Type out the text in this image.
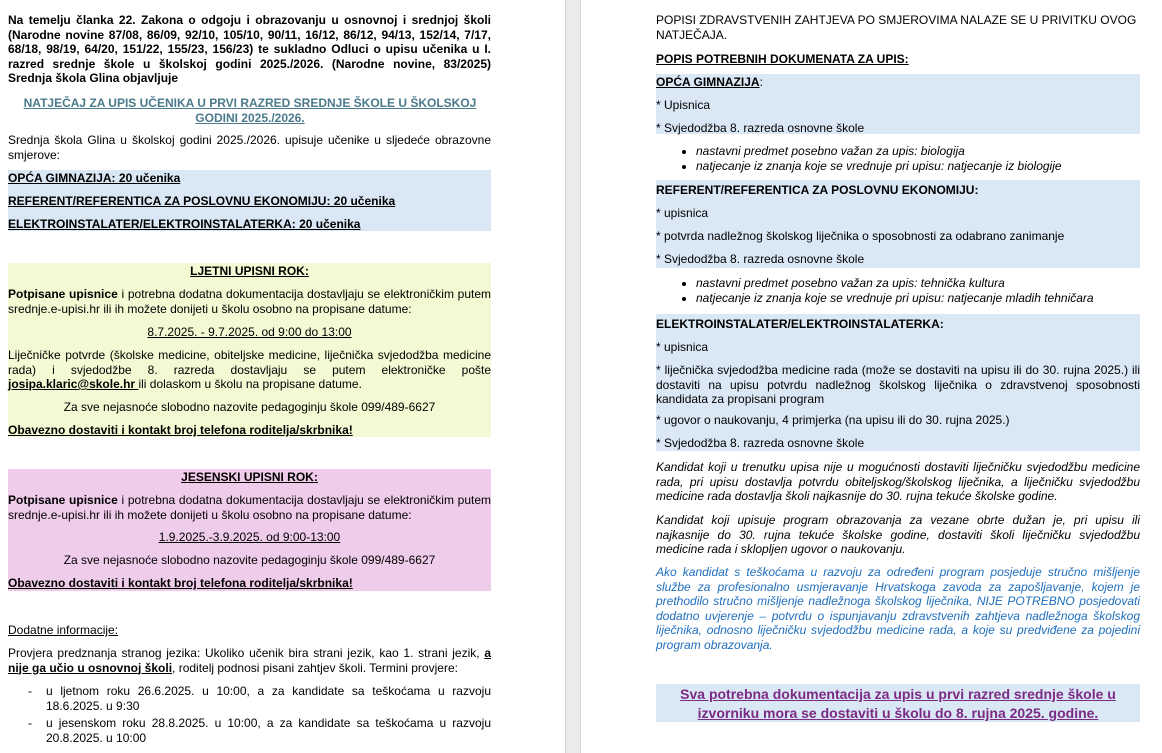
Na temelju članka 22. Zakona o odgoju i obrazovanju u osnovnoj i srednjoj školi (Narodne novine 87/08, 86/09, 92/10, 105/10, 90/11, 16/12, 86/12, 94/13, 152/14, 7/17, 68/18, 98/19, 64/20, 151/22, 155/23, 156/23) te sukladno Odluci o upisu učenika u I. razred srednjе škole u školskoj godini 2025./2026. (Narodne novine, 83/2025) Srednja škola Glina objavljuje

NATJEČAJ ZA UPIS UČENIKA U PRVI RAZRED SREDNJE ŠKOLE U ŠKOLSKOJ GODINI 2025./2026.

Srednja škola Glina u školskoj godini 2025./2026. upisuje učenike u sljedeće obrazovne smjerove:

OPĆA GIMNAZIJA: 20 učenika
REFERENT/REFERENTICA ZA POSLOVNU EKONOMIJU: 20 učenika
ELEKTROINSTALATER/ELEKTROINSTALATERKA: 20 učenika

LJETNI UPISNI ROK:

Potpisane upisnice i potrebna dodatna dokumentacija dostavljaju se elektroničkim putem srednje.e-upisi.hr ili ih možete donijeti u školu osobno na propisane datume:

8.7.2025. - 9.7.2025. od 9:00 do 13:00

Liječničke potvrde (školske medicine, obiteljske medicine, liječnička svjedodžba medicine rada) i svjedodžbe 8. razreda dostavljaju se putem elektroničke pošte josipa.klaric@skole.hr ili dolaskom u školu na propisane datume.

Za sve nejasnoće slobodno nazovite pedagoginju škole 099/489-6627

Obavezno dostaviti i kontakt broj telefona roditelja/skrbnika!

JESENSKI UPISNI ROK:

Potpisane upisnice i potrebna dodatna dokumentacija dostavljaju se elektroničkim putem srednje.e-upisi.hr ili ih možete donijeti u školu osobno na propisane datume:

1.9.2025.-3.9.2025. od 9:00-13:00

Za sve nejasnoće slobodno nazovite pedagoginju škole 099/489-6627

Obavezno dostaviti i kontakt broj telefona roditelja/skrbnika!

Dodatne informacije:

Provjera predznanja stranog jezika: Ukoliko učenik bira strani jezik, kao 1. strani jezik, a nije ga učio u osnovnoj školi, roditelj podnosi pisani zahtjev školi. Termini provjere:

- u ljetnom roku 26.6.2025. u 10:00, a za kandidate sa teškoćama u razvoju 18.6.2025. u 9:30
- u jesenskom roku 28.8.2025. u 10:00, a za kandidate sa teškoćama u razvoju 20.8.2025. u 10:00

POPISI ZDRAVSTVENIH ZAHTJEVA PO SMJEROVIMA NALAZE SE U PRIVITKU OVOG NATJEČAJA.

POPIS POTREBNIH DOKUMENATA ZA UPIS:

OPĆA GIMNAZIJA:

* Upisnica

* Svjedodžba 8. razreda osnovne škole

• nastavni predmet posebno važan za upis: biologija
• natjecanje iz znanja koje se vrednuje pri upisu: natjecanje iz biologije

REFERENT/REFERENTICA ZA POSLOVNU EKONOMIJU:

* upisnica

* potvrda nadležnog školskog liječnika o sposobnosti za odabrano zanimanje

* Svjedodžba 8. razreda osnovne škole

• nastavni predmet posebno važan za upis: tehnička kultura
• natjecanje iz znanja koje se vrednuje pri upisu: natjecanje mladih tehničara

ELEKTROINSTALATER/ELEKTROINSTALATERKA:

* upisnica

* liječnička svjedodžba medicine rada (može se dostaviti na upisu ili do 30. rujna 2025.) ili dostaviti na upisu potvrdu nadležnog školskog liječnika o zdravstvenoj sposobnosti kandidata za propisani program

* ugovor o naukovanju, 4 primjerka (na upisu ili do 30. rujna 2025.)

* Svjedodžba 8. razreda osnovne škole

Kandidat koji u trenutku upisa nije u mogućnosti dostaviti liječničku svjedodžbu medicine rada, pri upisu dostavlja potvrdu obiteljskog/školskog liječnika, a liječničku svjedodžbu medicine rada dostavlja školi najkasnije do 30. rujna tekuće školske godine.

Kandidat koji upisuje program obrazovanja za vezane obrte dužan je, pri upisu ili najkasnije do 30. rujna tekuće školske godine, dostaviti školi liječničku svjedodžbu medicine rada i sklopljen ugovor o naukovanju.

Ako kandidat s teškoćama u razvoju za određeni program posjeduje stručno mišljenje službe za profesionalno usmjeravanje Hrvatskoga zavoda za zapošljavanje, kojem je prethodilo stručno mišljenje nadležnoga školskog liječnika, NIJE POTREBNO posjedovati dodatno uvjerenje – potvrdu o ispunjavanju zdravstvenih zahtjeva nadležnoga školskog liječnika, odnosno liječničku svjedodžbu medicine rada, a koje su predviđene za pojedini program obrazovanja.

Sva potrebna dokumentacija za upis u prvi razred srednje škole u izvorniku mora se dostaviti u školu do 8. rujna 2025. godine.
